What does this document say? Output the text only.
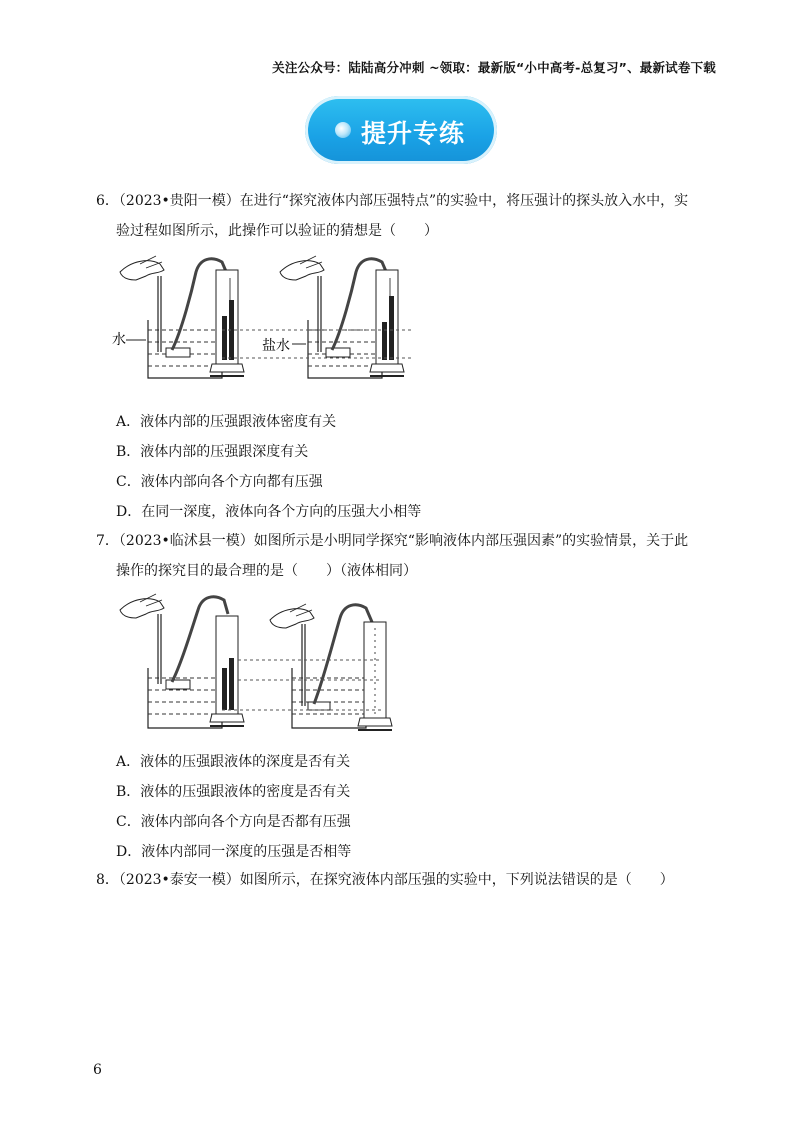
关注公众号：陆陆高分冲刺 ~领取：最新版“小中高考-总复习”、最新试卷下载
提升专练
6．（2023•贵阳一模）在进行“探究液体内部压强特点”的实验中，将压强计的探头放入水中，实
验过程如图所示，此操作可以验证的猜想是（　　）
水	盐水
A．液体内部的压强跟液体密度有关
B．液体内部的压强跟深度有关
C．液体内部向各个方向都有压强
D．在同一深度，液体向各个方向的压强大小相等
7．（2023•临沭县一模）如图所示是小明同学探究“影响液体内部压强因素”的实验情景，关于此
操作的探究目的最合理的是（　　）（液体相同）
A．液体的压强跟液体的深度是否有关
B．液体的压强跟液体的密度是否有关
C．液体内部向各个方向是否都有压强
D．液体内部同一深度的压强是否相等
8．（2023•泰安一模）如图所示，在探究液体内部压强的实验中，下列说法错误的是（　　）
6
